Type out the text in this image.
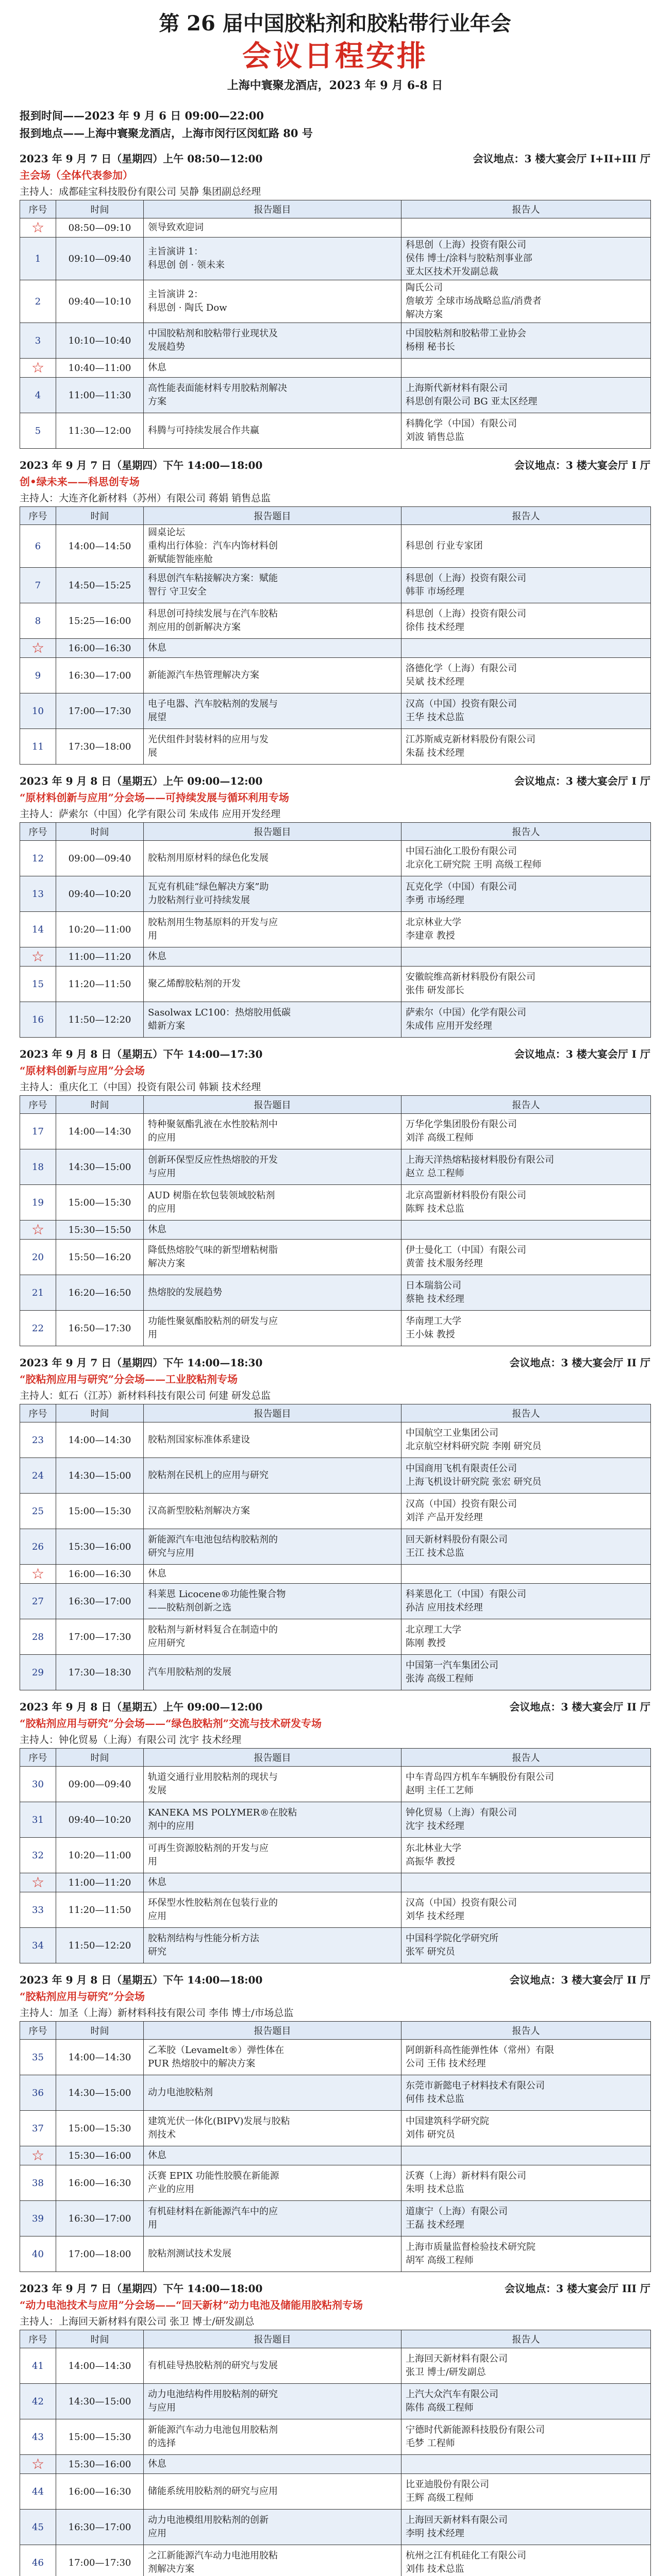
第 26 届中国胶粘剂和胶粘带行业年会
会议日程安排
上海中寰聚龙酒店，2023 年 9 月 6-8 日
报到时间——2023 年 9 月 6 日 09:00—22:00
报到地点——上海中寰聚龙酒店，上海市闵行区闵虹路 80 号
2023 年 9 月 7 日（星期四）上午 08:50—12:00	会议地点：3 楼大宴会厅 I+II+III 厅
主会场（全体代表参加）
主持人：成都硅宝科技股份有限公司 吴静 集团副总经理
序号	时间	报告题目	报告人
☆	08:50—09:10	领导致欢迎词	

1	09:10—09:40	主旨演讲 1：
科思创 创 · 领未来	科思创（上海）投资有限公司
侯伟 博士/涂料与胶粘剂事业部
亚太区技术开发副总裁

2	09:40—10:10	主旨演讲 2：
科思创 · 陶氏 Dow	陶氏公司
詹敏芳 全球市场战略总监/消费者
解决方案

3	10:10—10:40	中国胶粘剂和胶粘带行业现状及
发展趋势	中国胶粘剂和胶粘带工业协会
杨栩 秘书长

☆	10:40—11:00	休息	

4	11:00—11:30	高性能表面能材料专用胶粘剂解决
方案	上海斯代新材料有限公司
科思创有限公司 BG 亚太区经理

5	11:30—12:00	科腾与可持续发展合作共赢	科腾化学（中国）有限公司
刘波 销售总监
2023 年 9 月 7 日（星期四）下午 14:00—18:00	会议地点：3 楼大宴会厅 I 厅
创•绿未来——科思创专场
主持人：大连齐化新材料（苏州）有限公司 蒋娟 销售总监
序号	时间	报告题目	报告人
6	14:00—14:50	圆桌论坛
重构出行体验：汽车内饰材料创
新赋能智能座舱	科思创 行业专家团

7	14:50—15:25	科思创汽车粘接解决方案：赋能
智行 守卫安全	科思创（上海）投资有限公司
韩菲 市场经理

8	15:25—16:00	科思创可持续发展与在汽车胶粘
剂应用的创新解决方案	科思创（上海）投资有限公司
徐伟 技术经理

☆	16:00—16:30	休息	

9	16:30—17:00	新能源汽车热管理解决方案	洛德化学（上海）有限公司
吴斌 技术经理

10	17:00—17:30	电子电器、汽车胶粘剂的发展与
展望	汉高（中国）投资有限公司
王华 技术总监

11	17:30—18:00	光伏组件封装材料的应用与发
展	江苏斯威克新材料股份有限公司
朱磊 技术经理
2023 年 9 月 8 日（星期五）上午 09:00—12:00	会议地点：3 楼大宴会厅 I 厅
“原材料创新与应用”分会场——可持续发展与循环利用专场
主持人：萨索尔（中国）化学有限公司 朱成伟 应用开发经理
序号	时间	报告题目	报告人
12	09:00—09:40	胶粘剂用原材料的绿色化发展	中国石油化工股份有限公司
北京化工研究院 王明 高级工程师

13	09:40—10:20	瓦克有机硅“绿色解决方案”助
力胶粘剂行业可持续发展	瓦克化学（中国）有限公司
李勇 市场经理

14	10:20—11:00	胶粘剂用生物基原料的开发与应
用	北京林业大学
李建章 教授

☆	11:00—11:20	休息	

15	11:20—11:50	聚乙烯醇胶粘剂的开发	安徽皖维高新材料股份有限公司
张伟 研发部长

16	11:50—12:20	Sasolwax LC100：热熔胶用低碳
蜡新方案	萨索尔（中国）化学有限公司
朱成伟 应用开发经理
2023 年 9 月 8 日（星期五）下午 14:00—17:30	会议地点：3 楼大宴会厅 I 厅
“原材料创新与应用”分会场
主持人：重庆化工（中国）投资有限公司 韩颖 技术经理
序号	时间	报告题目	报告人
17	14:00—14:30	特种聚氨酯乳液在水性胶粘剂中
的应用	万华化学集团股份有限公司
刘洋 高级工程师

18	14:30—15:00	创新环保型反应性热熔胶的开发
与应用	上海天洋热熔粘接材料股份有限公司
赵立 总工程师

19	15:00—15:30	AUD 树脂在软包装领域胶粘剂
的应用	北京高盟新材料股份有限公司
陈辉 技术总监

☆	15:30—15:50	休息	

20	15:50—16:20	降低热熔胶气味的新型增粘树脂
解决方案	伊士曼化工（中国）有限公司
黄蕾 技术服务经理

21	16:20—16:50	热熔胶的发展趋势	日本瑞翁公司
蔡艳 技术经理

22	16:50—17:30	功能性聚氨酯胶粘剂的研发与应
用	华南理工大学
王小妹 教授
2023 年 9 月 7 日（星期四）下午 14:00—18:30	会议地点：3 楼大宴会厅 II 厅
“胶粘剂应用与研究”分会场——工业胶粘剂专场
主持人：虹石（江苏）新材料科技有限公司 何建 研发总监
序号	时间	报告题目	报告人
23	14:00—14:30	胶粘剂国家标准体系建设	中国航空工业集团公司
北京航空材料研究院 李刚 研究员

24	14:30—15:00	胶粘剂在民机上的应用与研究	中国商用飞机有限责任公司
上海飞机设计研究院 张宏 研究员

25	15:00—15:30	汉高新型胶粘剂解决方案	汉高（中国）投资有限公司
刘洋 产品开发经理

26	15:30—16:00	新能源汽车电池包结构胶粘剂的
研究与应用	回天新材料股份有限公司
王江 技术总监

☆	16:00—16:30	休息	

27	16:30—17:00	科莱恩 Licocene®功能性聚合物
——胶粘剂创新之选	科莱恩化工（中国）有限公司
孙洁 应用技术经理

28	17:00—17:30	胶粘剂与新材料复合在制造中的
应用研究	北京理工大学
陈刚 教授

29	17:30—18:30	汽车用胶粘剂的发展	中国第一汽车集团公司
张涛 高级工程师
2023 年 9 月 8 日（星期五）上午 09:00—12:00	会议地点：3 楼大宴会厅 II 厅
“胶粘剂应用与研究”分会场——“绿色胶粘剂”交流与技术研发专场
主持人：钟化贸易（上海）有限公司 沈宇 技术经理
序号	时间	报告题目	报告人
30	09:00—09:40	轨道交通行业用胶粘剂的现状与
发展	中车青岛四方机车车辆股份有限公司
赵明 主任工艺师

31	09:40—10:20	KANEKA MS POLYMER®在胶粘
剂中的应用	钟化贸易（上海）有限公司
沈宇 技术经理

32	10:20—11:00	可再生资源胶粘剂的开发与应
用	东北林业大学
高振华 教授

☆	11:00—11:20	休息	

33	11:20—11:50	环保型水性胶粘剂在包装行业的
应用	汉高（中国）投资有限公司
刘华 技术经理

34	11:50—12:20	胶粘剂结构与性能分析方法
研究	中国科学院化学研究所
张军 研究员
2023 年 9 月 8 日（星期五）下午 14:00—18:00	会议地点：3 楼大宴会厅 II 厅
“胶粘剂应用与研究”分会场
主持人：加圣（上海）新材料科技有限公司 李伟 博士/市场总监
序号	时间	报告题目	报告人
35	14:00—14:30	乙苯胶（Levamelt®）弹性体在
PUR 热熔胶中的解决方案	阿朗新科高性能弹性体（常州）有限
公司 王伟 技术经理

36	14:30—15:00	动力电池胶粘剂	东莞市新懿电子材料技术有限公司
何伟 技术总监

37	15:00—15:30	建筑光伏一体化(BIPV)发展与胶粘
剂技术	中国建筑科学研究院
刘伟 研究员

☆	15:30—16:00	休息	

38	16:00—16:30	沃赛 EPIX 功能性胶膜在新能源
产业的应用	沃赛（上海）新材料有限公司
朱明 技术总监

39	16:30—17:00	有机硅材料在新能源汽车中的应
用	道康宁（上海）有限公司
王磊 技术经理

40	17:00—18:00	胶粘剂测试技术发展	上海市质量监督检验技术研究院
胡军 高级工程师
2023 年 9 月 7 日（星期四）下午 14:00—18:00	会议地点：3 楼大宴会厅 III 厅
“动力电池技术与应用”分会场——“回天新材”动力电池及储能用胶粘剂专场
主持人：上海回天新材料有限公司 张卫 博士/研发副总
序号	时间	报告题目	报告人
41	14:00—14:30	有机硅导热胶粘剂的研究与发展	上海回天新材料有限公司
张卫 博士/研发副总

42	14:30—15:00	动力电池结构件用胶粘剂的研究
与应用	上汽大众汽车有限公司
陈伟 高级工程师

43	15:00—15:30	新能源汽车动力电池包用胶粘剂
的选择	宁德时代新能源科技股份有限公司
毛梦 工程师

☆	15:30—16:00	休息	

44	16:00—16:30	储能系统用胶粘剂的研究与应用	比亚迪股份有限公司
王辉 高级工程师

45	16:30—17:00	动力电池模组用胶粘剂的创新
应用	上海回天新材料有限公司
李明 技术经理

46	17:00—17:30	之江新能源汽车动力电池用胶粘
剂解决方案	杭州之江有机硅化工有限公司
刘伟 技术总监
